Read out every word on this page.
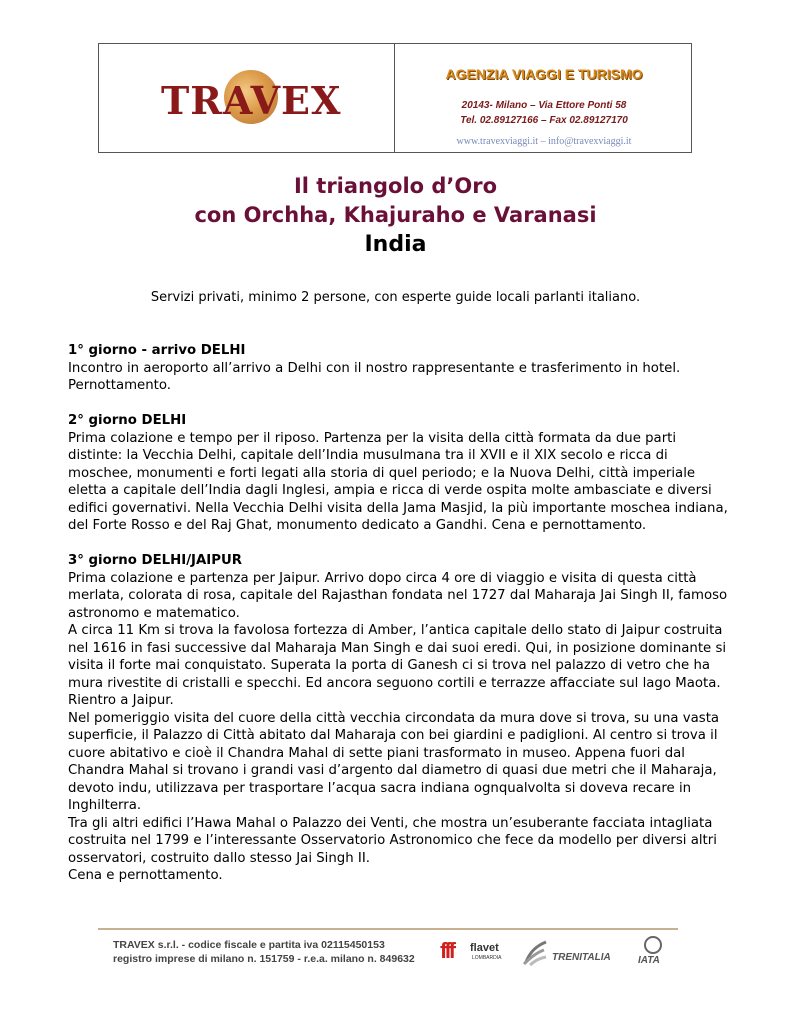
TRAVEX
AGENZIA VIAGGI E TURISMO
20143- Milano – Via Ettore Ponti 58
Tel. 02.89127166 – Fax 02.89127170
www.travexviaggi.it – info@travexviaggi.it
Il triangolo d’Oro
con Orchha, Khajuraho e Varanasi
India
Servizi privati, minimo 2 persone, con esperte guide locali parlanti italiano.
1° giorno - arrivo DELHI

Incontro in aeroporto all’arrivo a Delhi con il nostro rappresentante e trasferimento in hotel. Pernottamento.

2° giorno DELHI

Prima colazione e tempo per il riposo. Partenza per la visita della città formata da due parti distinte: la Vecchia Delhi, capitale dell’India musulmana tra il XVII e il XIX secolo e ricca di moschee, monumenti e forti legati alla storia di quel periodo; e la Nuova Delhi, città imperiale eletta a capitale dell’India dagli Inglesi, ampia e ricca di verde ospita molte ambasciate e diversi edifici governativi. Nella Vecchia Delhi visita della Jama Masjid, la più importante moschea indiana, del Forte Rosso e del Raj Ghat, monumento dedicato a Gandhi. Cena e pernottamento.

3° giorno DELHI/JAIPUR

Prima colazione e partenza per Jaipur. Arrivo dopo circa 4 ore di viaggio e visita di questa città merlata, colorata di rosa, capitale del Rajasthan fondata nel 1727 dal Maharaja Jai Singh II, famoso astronomo e matematico.

A circa 11 Km si trova la favolosa fortezza di Amber, l’antica capitale dello stato di Jaipur costruita nel 1616 in fasi successive dal Maharaja Man Singh e dai suoi eredi. Qui, in posizione dominante si visita il forte mai conquistato. Superata la porta di Ganesh ci si trova nel palazzo di vetro che ha mura rivestite di cristalli e specchi. Ed ancora seguono cortili e terrazze affacciate sul lago Maota. Rientro a Jaipur.

Nel pomeriggio visita del cuore della città vecchia circondata da mura dove si trova, su una vasta superficie, il Palazzo di Città abitato dal Maharaja con bei giardini e padiglioni. Al centro si trova il cuore abitativo e cioè il Chandra Mahal di sette piani trasformato in museo. Appena fuori dal Chandra Mahal si trovano i grandi vasi d’argento dal diametro di quasi due metri che il Maharaja, devoto indu, utilizzava per trasportare l’acqua sacra indiana ognqualvolta si doveva recare in Inghilterra.

Tra gli altri edifici l’Hawa Mahal o Palazzo dei Venti, che mostra un’esuberante facciata intagliata costruita nel 1799 e l’interessante Osservatorio Astronomico che fece da modello per diversi altri osservatori, costruito dallo stesso Jai Singh II.

Cena e pernottamento.

TRAVEX s.r.l. - codice fiscale e partita iva 02115450153
registro imprese di milano n. 151759 - r.e.a. milano n. 849632 fff flavet
LOMBARDIA	TRENITALIA	IATA
